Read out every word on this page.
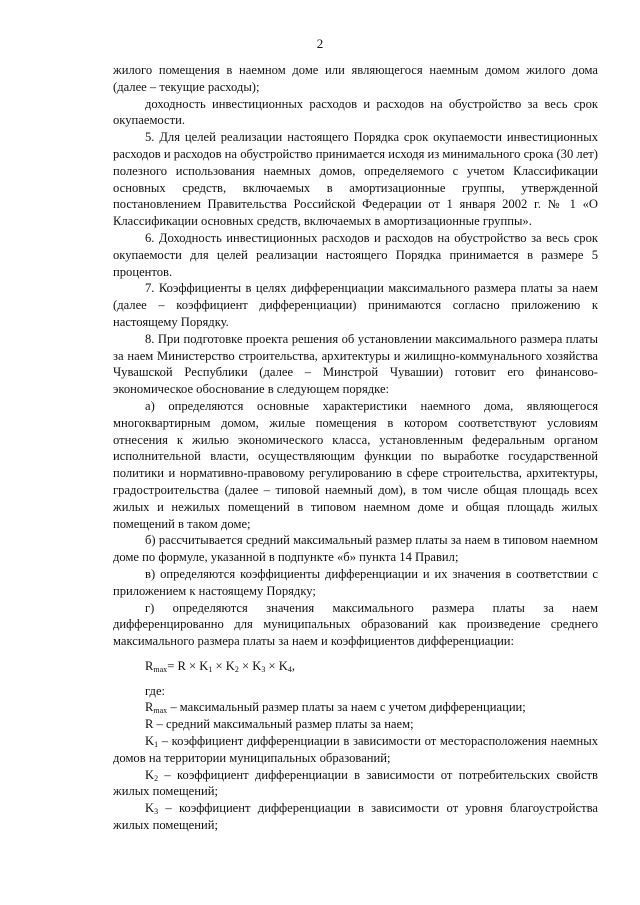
2

жилого помещения в наемном доме или являющегося наемным домом жилого дома (далее – текущие расходы);

доходность инвестиционных расходов и расходов на обустройство за весь срок окупаемости.

5. Для целей реализации настоящего Порядка срок окупаемости инвестиционных расходов и расходов на обустройство принимается исходя из минимального срока (30 лет) полезного использования наемных домов, определяемого с учетом Классификации основных средств, включаемых в амортизационные группы, утвержденной постановлением Правительства Российской Федерации от 1 января 2002 г. № 1 «О Классификации основных средств, включаемых в амортизационные группы».

6. Доходность инвестиционных расходов и расходов на обустройство за весь срок окупаемости для целей реализации настоящего Порядка принимается в размере 5 процентов.

7. Коэффициенты в целях дифференциации максимального размера платы за наем (далее – коэффициент дифференциации) принимаются согласно приложению к настоящему Порядку.

8. При подготовке проекта решения об установлении максимального размера платы за наем Министерство строительства, архитектуры и жилищно-коммунального хозяйства Чувашской Республики (далее – Минстрой Чувашии) готовит его финансово-экономическое обоснование в следующем порядке:

а) определяются основные характеристики наемного дома, являющегося многоквартирным домом, жилые помещения в котором соответствуют условиям отнесения к жилью экономического класса, установленным федеральным органом исполнительной власти, осуществляющим функции по выработке государственной политики и нормативно-правовому регулированию в сфере строительства, архитектуры, градостроительства (далее – типовой наемный дом), в том числе общая площадь всех жилых и нежилых помещений в типовом наемном доме и общая площадь жилых помещений в таком доме;

б) рассчитывается средний максимальный размер платы за наем в типовом наемном доме по формуле, указанной в подпункте «б» пункта 14 Правил;

в) определяются коэффициенты дифференциации и их значения в соответствии с приложением к настоящему Порядку;

г) определяются значения максимального размера платы за наем дифференцированно для муниципальных образований как произведение среднего максимального размера платы за наем и коэффициентов дифференциации:

$R_{max}= R \times K_1 \times K_2 \times K_3 \times K_4$,

где:

$R_{max}$ – максимальный размер платы за наем с учетом дифференциации;

R – средний максимальный размер платы за наем;

$K_1$ – коэффициент дифференциации в зависимости от месторасположения наемных домов на территории муниципальных образований;

$K_2$ – коэффициент дифференциации в зависимости от потребительских свойств жилых помещений;

$K_3$ – коэффициент дифференциации в зависимости от уровня благоустройства жилых помещений;
